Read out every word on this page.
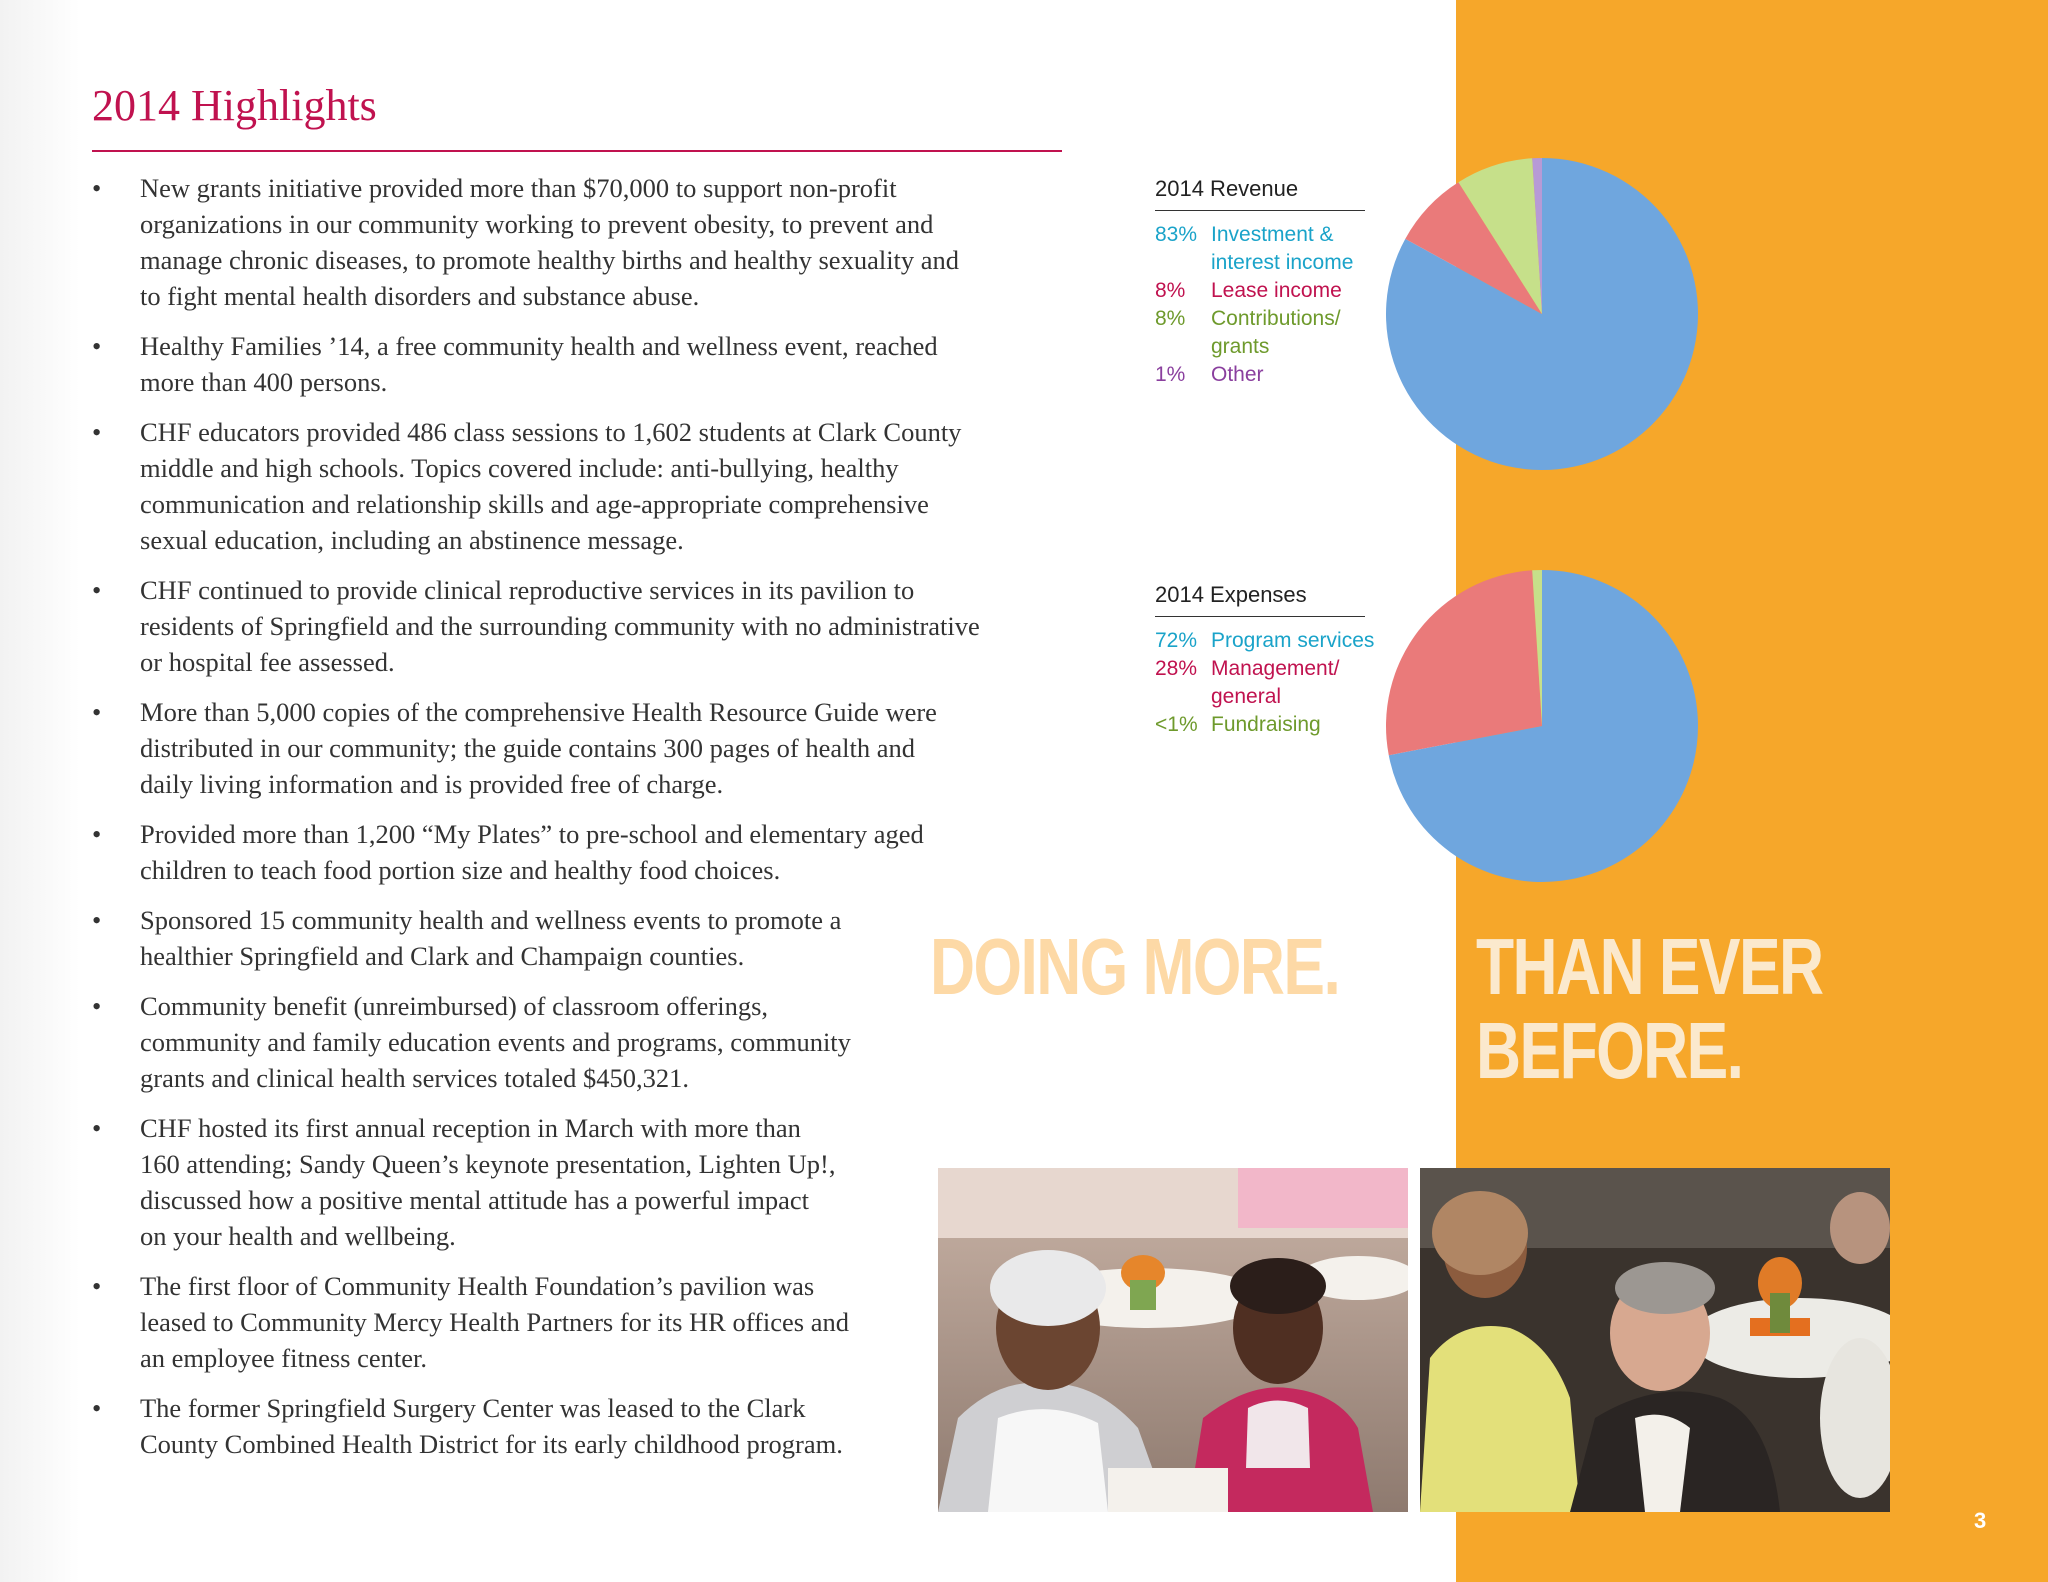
2014 Highlights
• New grants initiative provided more than $70,000 to support non-profit
organizations in our community working to prevent obesity, to prevent and
manage chronic diseases, to promote healthy births and healthy sexuality and
to fight mental health disorders and substance abuse.
• Healthy Families ’14, a free community health and wellness event, reached
more than 400 persons.
• CHF educators provided 486 class sessions to 1,602 students at Clark County
middle and high schools. Topics covered include: anti-bullying, healthy
communication and relationship skills and age-appropriate comprehensive
sexual education, including an abstinence message.
• CHF continued to provide clinical reproductive services in its pavilion to
residents of Springfield and the surrounding community with no administrative
or hospital fee assessed.
• More than 5,000 copies of the comprehensive Health Resource Guide were
distributed in our community; the guide contains 300 pages of health and
daily living information and is provided free of charge.
• Provided more than 1,200 “My Plates” to pre-school and elementary aged
children to teach food portion size and healthy food choices.
• Sponsored 15 community health and wellness events to promote a
healthier Springfield and Clark and Champaign counties.
• Community benefit (unreimbursed) of classroom offerings,
community and family education events and programs, community
grants and clinical health services totaled $450,321.
• CHF hosted its first annual reception in March with more than
160 attending; Sandy Queen’s keynote presentation, Lighten Up!,
discussed how a positive mental attitude has a powerful impact
on your health and wellbeing.
• The first floor of Community Health Foundation’s pavilion was
leased to Community Mercy Health Partners for its HR offices and
an employee fitness center.
• The former Springfield Surgery Center was leased to the Clark
County Combined Health District for its early childhood program.
2014 Revenue
83% Investment &
interest income
8%	Lease income
8%	Contributions/
grants
1%	Other
2014 Expenses
72% Program services
28% Management/
general
<1% Fundraising
DOING MORE. THAN EVER
BEFORE.
3
